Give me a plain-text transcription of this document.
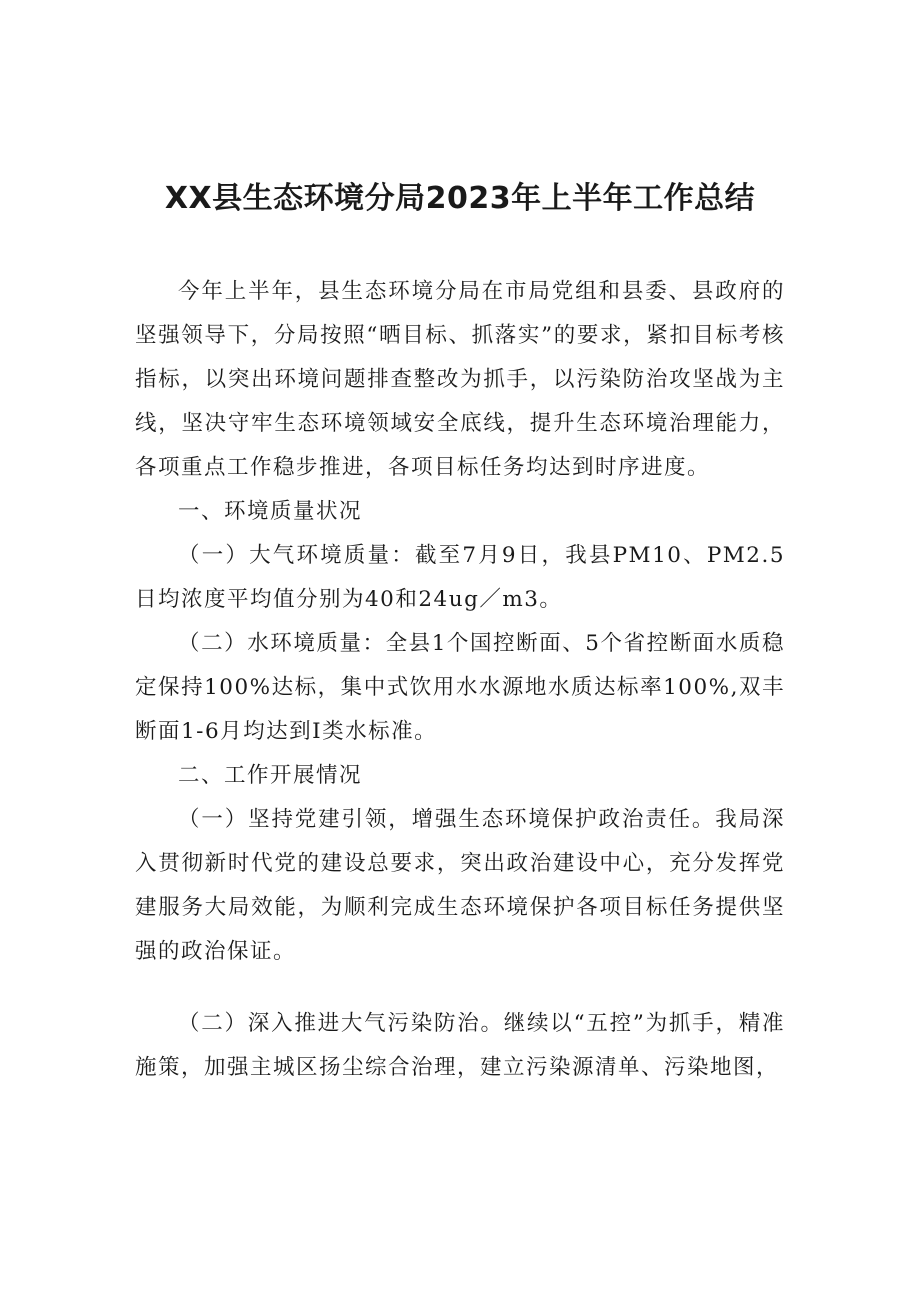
XX县生态环境分局2023年上半年工作总结

今年上半年，县生态环境分局在市局党组和县委、县政府的坚强领导下，分局按照“晒目标、抓落实”的要求，紧扣目标考核指标，以突出环境问题排查整改为抓手，以污染防治攻坚战为主线，坚决守牢生态环境领域安全底线，提升生态环境治理能力，各项重点工作稳步推进，各项目标任务均达到时序进度。

一、环境质量状况

（一）大气环境质量：截至7月9日，我县PM10、PM2.5日均浓度平均值分别为40和24ug／m3。

（二）水环境质量：全县1个国控断面、5个省控断面水质稳定保持100%达标，集中式饮用水水源地水质达标率100%,双丰断面1-6月均达到Ⅰ类水标准。

二、工作开展情况

（一）坚持党建引领，增强生态环境保护政治责任。我局深入贯彻新时代党的建设总要求，突出政治建设中心，充分发挥党建服务大局效能，为顺利完成生态环境保护各项目标任务提供坚强的政治保证。

（二）深入推进大气污染防治。继续以“五控”为抓手，精准施策，加强主城区扬尘综合治理，建立污染源清单、污染地图，
